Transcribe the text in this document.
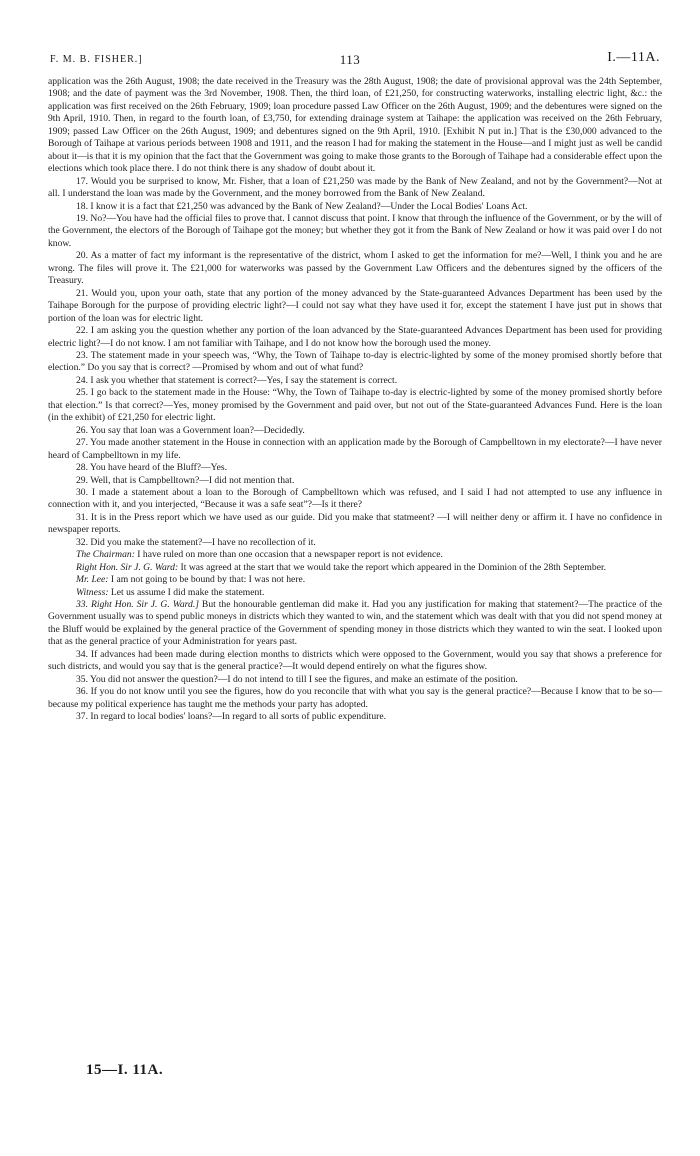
F. M. B. FISHER.]	113	I.—11A.

application was the 26th August, 1908; the date received in the Treasury was the 28th August, 1908; the date of provisional approval was the 24th September, 1908; and the date of payment was the 3rd November, 1908. Then, the third loan, of £21,250, for constructing waterworks, installing electric light, &c.: the application was first received on the 26th February, 1909; loan procedure passed Law Officer on the 26th August, 1909; and the debentures were signed on the 9th April, 1910. Then, in regard to the fourth loan, of £3,750, for extending drainage system at Taihape: the application was received on the 26th February, 1909; passed Law Officer on the 26th August, 1909; and debentures signed on the 9th April, 1910. [Exhibit N put in.] That is the £30,000 advanced to the Borough of Taihape at various periods between 1908 and 1911, and the reason I had for making the statement in the House—and I might just as well be candid about it—is that it is my opinion that the fact that the Government was going to make those grants to the Borough of Taihape had a considerable effect upon the elections which took place there. I do not think there is any shadow of doubt about it.

17. Would you be surprised to know, Mr. Fisher, that a loan of £21,250 was made by the Bank of New Zealand, and not by the Government?—Not at all. I understand the loan was made by the Government, and the money borrowed from the Bank of New Zealand.

18. I know it is a fact that £21,250 was advanced by the Bank of New Zealand?—Under the Local Bodies' Loans Act.

19. No?—You have had the official files to prove that. I cannot discuss that point. I know that through the influence of the Government, or by the will of the Government, the electors of the Borough of Taihape got the money; but whether they got it from the Bank of New Zealand or how it was paid over I do not know.

20. As a matter of fact my informant is the representative of the district, whom I asked to get the information for me?—Well, I think you and he are wrong. The files will prove it. The £21,000 for waterworks was passed by the Government Law Officers and the debentures signed by the officers of the Treasury.

21. Would you, upon your oath, state that any portion of the money advanced by the State-guaranteed Advances Department has been used by the Taihape Borough for the purpose of providing electric light?—I could not say what they have used it for, except the statement I have just put in shows that portion of the loan was for electric light.

22. I am asking you the question whether any portion of the loan advanced by the State-guaranteed Advances Department has been used for providing electric light?—I do not know. I am not familiar with Taihape, and I do not know how the borough used the money.

23. The statement made in your speech was, “Why, the Town of Taihape to-day is electric-lighted by some of the money promised shortly before that election.” Do you say that is correct? —Promised by whom and out of what fund?

24. I ask you whether that statement is correct?—Yes, I say the statement is correct.

25. I go back to the statement made in the House: “Why, the Town of Taihape to-day is electric-lighted by some of the money promised shortly before that election.” Is that correct?—Yes, money promised by the Government and paid over, but not out of the State-guaranteed Advances Fund. Here is the loan (in the exhibit) of £21,250 for electric light.

26. You say that loan was a Government loan?—Decidedly.

27. You made another statement in the House in connection with an application made by the Borough of Campbelltown in my electorate?—I have never heard of Campbelltown in my life.

28. You have heard of the Bluff?—Yes.

29. Well, that is Campbelltown?—I did not mention that.

30. I made a statement about a loan to the Borough of Campbelltown which was refused, and I said I had not attempted to use any influence in connection with it, and you interjected, “Because it was a safe seat”?—Is it there?

31. It is in the Press report which we have used as our guide. Did you make that statmeent? —I will neither deny or affirm it. I have no confidence in newspaper reports.

32. Did you make the statement?—I have no recollection of it.

The Chairman: I have ruled on more than one occasion that a newspaper report is not evidence.

Right Hon. Sir J. G. Ward: It was agreed at the start that we would take the report which appeared in the Dominion of the 28th September.

Mr. Lee: I am not going to be bound by that: I was not here.

Witness: Let us assume I did make the statement.

33. Right Hon. Sir J. G. Ward.] But the honourable gentleman did make it. Had you any justification for making that statement?—The practice of the Government usually was to spend public moneys in districts which they wanted to win, and the statement which was dealt with that you did not spend money at the Bluff would be explained by the general practice of the Government of spending money in those districts which they wanted to win the seat. I looked upon that as the general practice of your Administration for years past.

34. If advances had been made during election months to districts which were opposed to the Government, would you say that shows a preference for such districts, and would you say that is the general practice?—It would depend entirely on what the figures show.

35. You did not answer the question?—I do not intend to till I see the figures, and make an estimate of the position.

36. If you do not know until you see the figures, how do you reconcile that with what you say is the general practice?—Because I know that to be so—because my political experience has taught me the methods your party has adopted.

37. In regard to local bodies' loans?—In regard to all sorts of public expenditure.

15—I. 11A.
